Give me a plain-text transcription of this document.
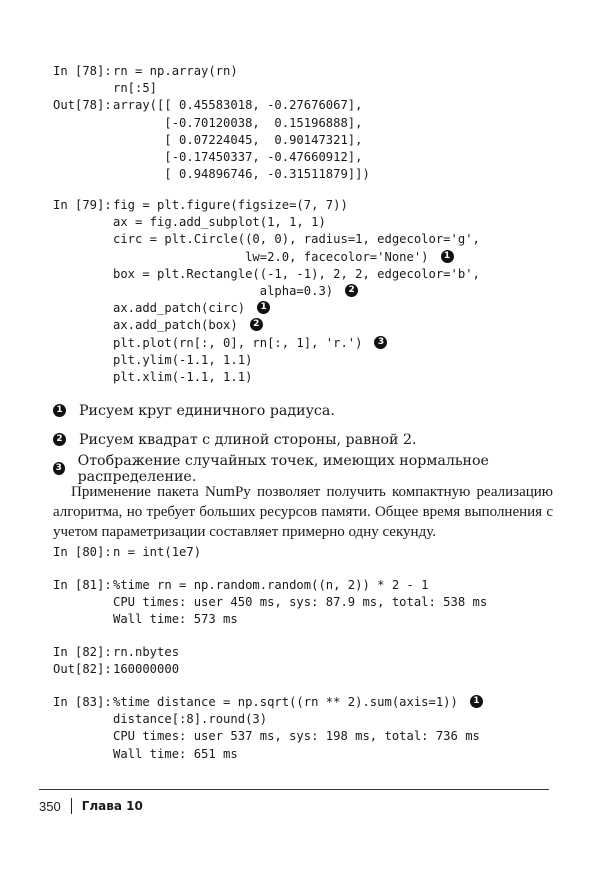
In [78]:rn = np.array(rn)
rn[:5]
Out[78]:array([[ 0.45583018, -0.27676067],
[-0.70120038,  0.15196888],
[ 0.07224045,  0.90147321],
[-0.17450337, -0.47660912],
[ 0.94896746, -0.31511879]])
In [79]:fig = plt.figure(figsize=(7, 7))
ax = fig.add_subplot(1, 1, 1)
circ = plt.Circle((0, 0), radius=1, edgecolor='g',
lw=2.0, facecolor='None') 1
box = plt.Rectangle((-1, -1), 2, 2, edgecolor='b',
alpha=0.3) 2
ax.add_patch(circ) 1
ax.add_patch(box) 2
plt.plot(rn[:, 0], rn[:, 1], 'r.') 3
plt.ylim(-1.1, 1.1)
plt.xlim(-1.1, 1.1)
1 Рисуем круг единичного радиуса.
2 Рисуем квадрат с длиной стороны, равной 2.
3 Отображение случайных точек, имеющих нормальное распределение.
Применение пакета NumPy позволяет получить компактную реализацию
алгоритма, но требует больших ресурсов памяти. Общее время выполнения с
учетом параметризации составляет примерно одну секунду.
In [80]:n = int(1e7)
In [81]:%time rn = np.random.random((n, 2)) * 2 - 1
CPU times: user 450 ms, sys: 87.9 ms, total: 538 ms
Wall time: 573 ms
In [82]:rn.nbytes
Out[82]:160000000
In [83]:%time distance = np.sqrt((rn ** 2).sum(axis=1)) 1
distance[:8].round(3)
CPU times: user 537 ms, sys: 198 ms, total: 736 ms
Wall time: 651 ms
350 Глава 10
